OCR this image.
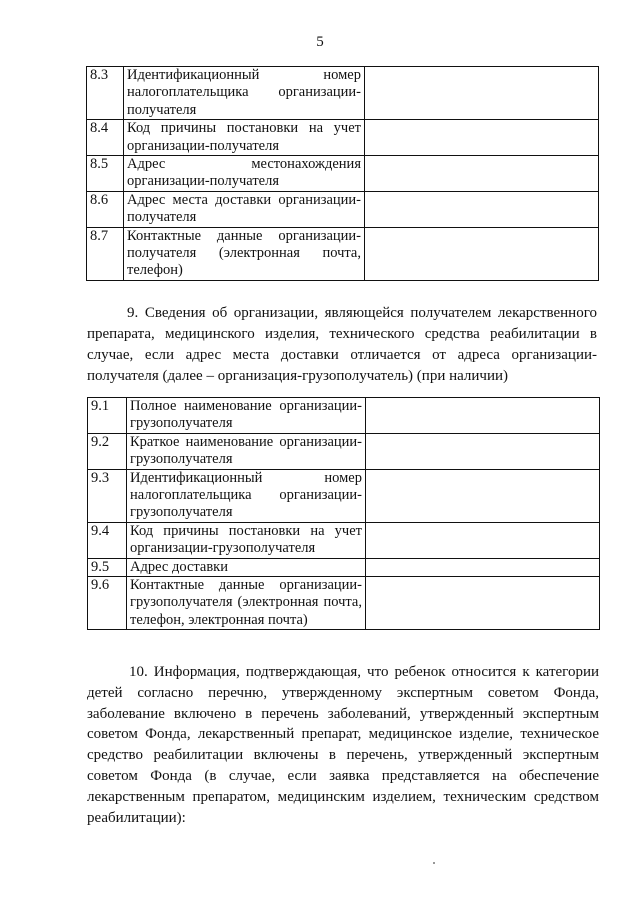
5
8.3	Идентификационный номер налогоплательщика организации-получателя	
8.4	Код причины постановки на учет организации-получателя	
8.5	Адрес местонахождения организации-получателя	
8.6	Адрес места доставки организации-получателя	
8.7	Контактные данные организации-получателя (электронная почта, телефон)	

9. Сведения об организации, являющейся получателем лекарственного препарата, медицинского изделия, технического средства реабилитации в случае, если адрес места доставки отличается от адреса организации-получателя (далее – организация-грузополучатель) (при наличии)

9.1	Полное наименование организации-грузополучателя	
9.2	Краткое наименование организации-грузополучателя	
9.3	Идентификационный номер налогоплательщика организации-грузополучателя	
9.4	Код причины постановки на учет организации-грузополучателя	
9.5	Адрес доставки	
9.6	Контактные данные организации-грузополучателя (электронная почта, телефон, электронная почта)	

10. Информация, подтверждающая, что ребенок относится к категории детей согласно перечню, утвержденному экспертным советом Фонда, заболевание включено в перечень заболеваний, утвержденный экспертным советом Фонда, лекарственный препарат, медицинское изделие, техническое средство реабилитации включены в перечень, утвержденный экспертным советом Фонда (в случае, если заявка представляется на обеспечение лекарственным препаратом, медицинским изделием, техническим средством реабилитации):
